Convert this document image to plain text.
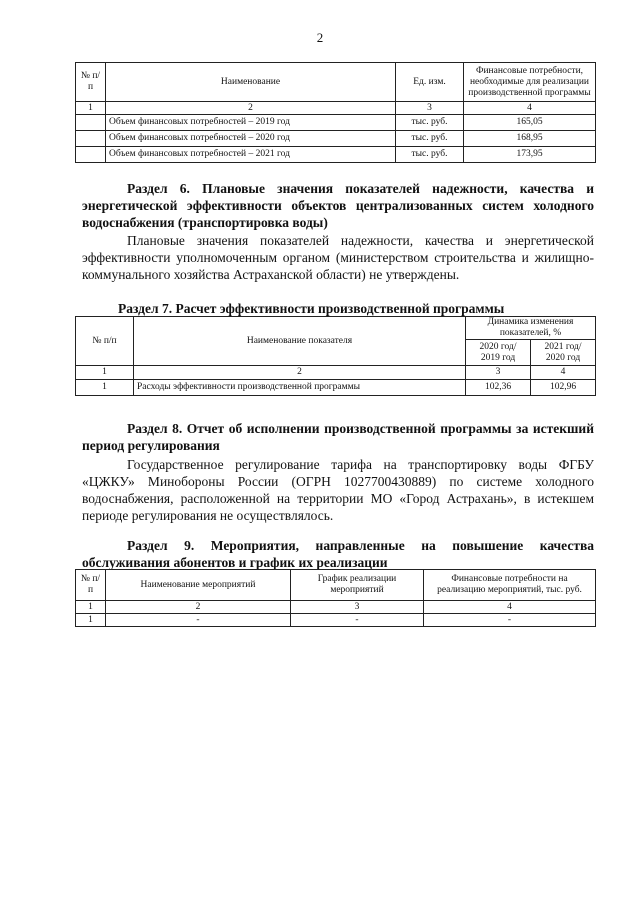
2
№ п/п	Наименование	Ед. изм.	Финансовые потребности, необходимые для реализации производственной программы
1	2	3	4
	Объем финансовых потребностей – 2019 год	тыс. руб.	165,05
	Объем финансовых потребностей – 2020 год	тыс. руб.	168,95
	Объем финансовых потребностей – 2021 год	тыс. руб.	173,95
Раздел 6. Плановые значения показателей надежности, качества и энергетической эффективности объектов централизованных систем холодного водоснабжения (транспортировка воды)
Плановые значения показателей надежности, качества и энергетической эффективности уполномоченным органом (министерством строительства и жилищно-коммунального хозяйства Астраханской области) не утверждены.
Раздел 7. Расчет эффективности производственной программы
№ п/п	Наименование показателя	Динамика изменения показателей, %	
		2020 год/ 2019 год	2021 год/ 2020 год
1	2	3	4
1	Расходы эффективности производственной программы	102,36	102,96
Раздел 8. Отчет об исполнении производственной программы за истекший период регулирования
Государственное регулирование тарифа на транспортировку воды ФГБУ «ЦЖКУ» Минобороны России (ОГРН 1027700430889) по системе холодного водоснабжения, расположенной на территории МО «Город Астрахань», в истекшем периоде регулирования не осуществлялось.
Раздел 9. Мероприятия, направленные на повышение качества обслуживания абонентов и график их реализации
№ п/п	Наименование мероприятий	График реализации мероприятий	Финансовые потребности на реализацию мероприятий, тыс. руб.
1	2	3	4
1	-	-	-
